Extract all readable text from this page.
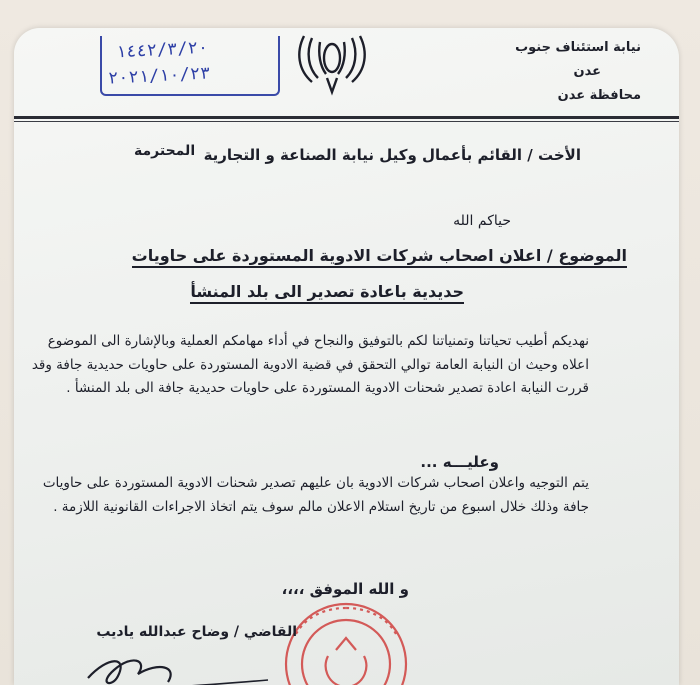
نيابة استئناف جنوب
عدن
محافظة عدن
١٤٤٢/٣/٢٠
٢٠٢١/١٠/٢٣
الأخت / القائم بأعمال وكيل نيابة الصناعة و التجارية
المحترمة
حياكم الله
الموضوع / اعلان اصحاب شركات الادوية المستوردة على حاويات
حديدية باعادة تصدير الى بلد المنشأ
نهديكم أطيب تحياتنا وتمنياتنا لكم بالتوفيق والنجاح في أداء مهامكم العملية وبالإشارة الى الموضوع اعلاه وحيث ان النيابة العامة توالي التحقق في قضية الادوية المستوردة على حاويات حديدية جافة وقد قررت النيابة اعادة تصدير شحنات الادوية المستوردة على حاويات حديدية جافة الى بلد المنشأ .
وعليـــه ...
يتم التوجيه واعلان اصحاب شركات الادوية بان عليهم تصدير شحنات الادوية المستوردة على حاويات جافة وذلك خلال اسبوع من تاريخ استلام الاعلان مالم سوف يتم اتخاذ الاجراءات القانونية اللازمة .
و الله الموفق ،،،،
القاضي / وضاح عبدالله ياديب
